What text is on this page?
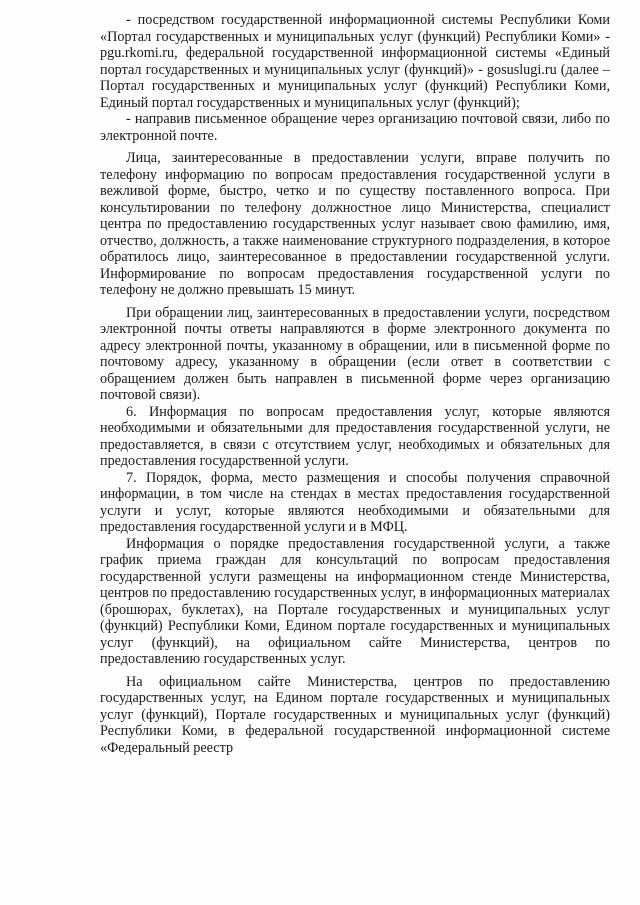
- посредством государственной информационной системы Республики Коми «Портал государственных и муниципальных услуг (функций) Республики Коми» - pgu.rkomi.ru, федеральной государственной информационной системы «Единый портал государственных и муниципальных услуг (функций)» - gosuslugi.ru (далее – Портал государственных и муниципальных услуг (функций) Республики Коми, Единый портал государственных и муниципальных услуг (функций);

- направив письменное обращение через организацию почтовой связи, либо по электронной почте.

Лица, заинтересованные в предоставлении услуги, вправе получить по телефону информацию по вопросам предоставления государственной услуги в вежливой форме, быстро, четко и по существу поставленного вопроса. При консультировании по телефону должностное лицо Министерства, специалист центра по предоставлению государственных услуг называет свою фамилию, имя, отчество, должность, а также наименование структурного подразделения, в которое обратилось лицо, заинтересованное в предоставлении государственной услуги. Информирование по вопросам предоставления государственной услуги по телефону не должно превышать 15 минут.

При обращении лиц, заинтересованных в предоставлении услуги, посредством электронной почты ответы направляются в форме электронного документа по адресу электронной почты, указанному в обращении, или в письменной форме по почтовому адресу, указанному в обращении (если ответ в соответствии с обращением должен быть направлен в письменной форме через организацию почтовой связи).

6. Информация по вопросам предоставления услуг, которые являются необходимыми и обязательными для предоставления государственной услуги, не предоставляется, в связи с отсутствием услуг, необходимых и обязательных для предоставления государственной услуги.

7. Порядок, форма, место размещения и способы получения справочной информации, в том числе на стендах в местах предоставления государственной услуги и услуг, которые являются необходимыми и обязательными для предоставления государственной услуги и в МФЦ.

Информация о порядке предоставления государственной услуги, а также график приема граждан для консультаций по вопросам предоставления государственной услуги размещены на информационном стенде Министерства, центров по предоставлению государственных услуг, в информационных материалах (брошюрах, буклетах), на Портале государственных и муниципальных услуг (функций) Республики Коми, Едином портале государственных и муниципальных услуг (функций), на официальном сайте Министерства, центров по предоставлению государственных услуг.

На официальном сайте Министерства, центров по предоставлению государственных услуг, на Едином портале государственных и муниципальных услуг (функций), Портале государственных и муниципальных услуг (функций) Республики Коми, в федеральной государственной информационной системе «Федеральный реестр
